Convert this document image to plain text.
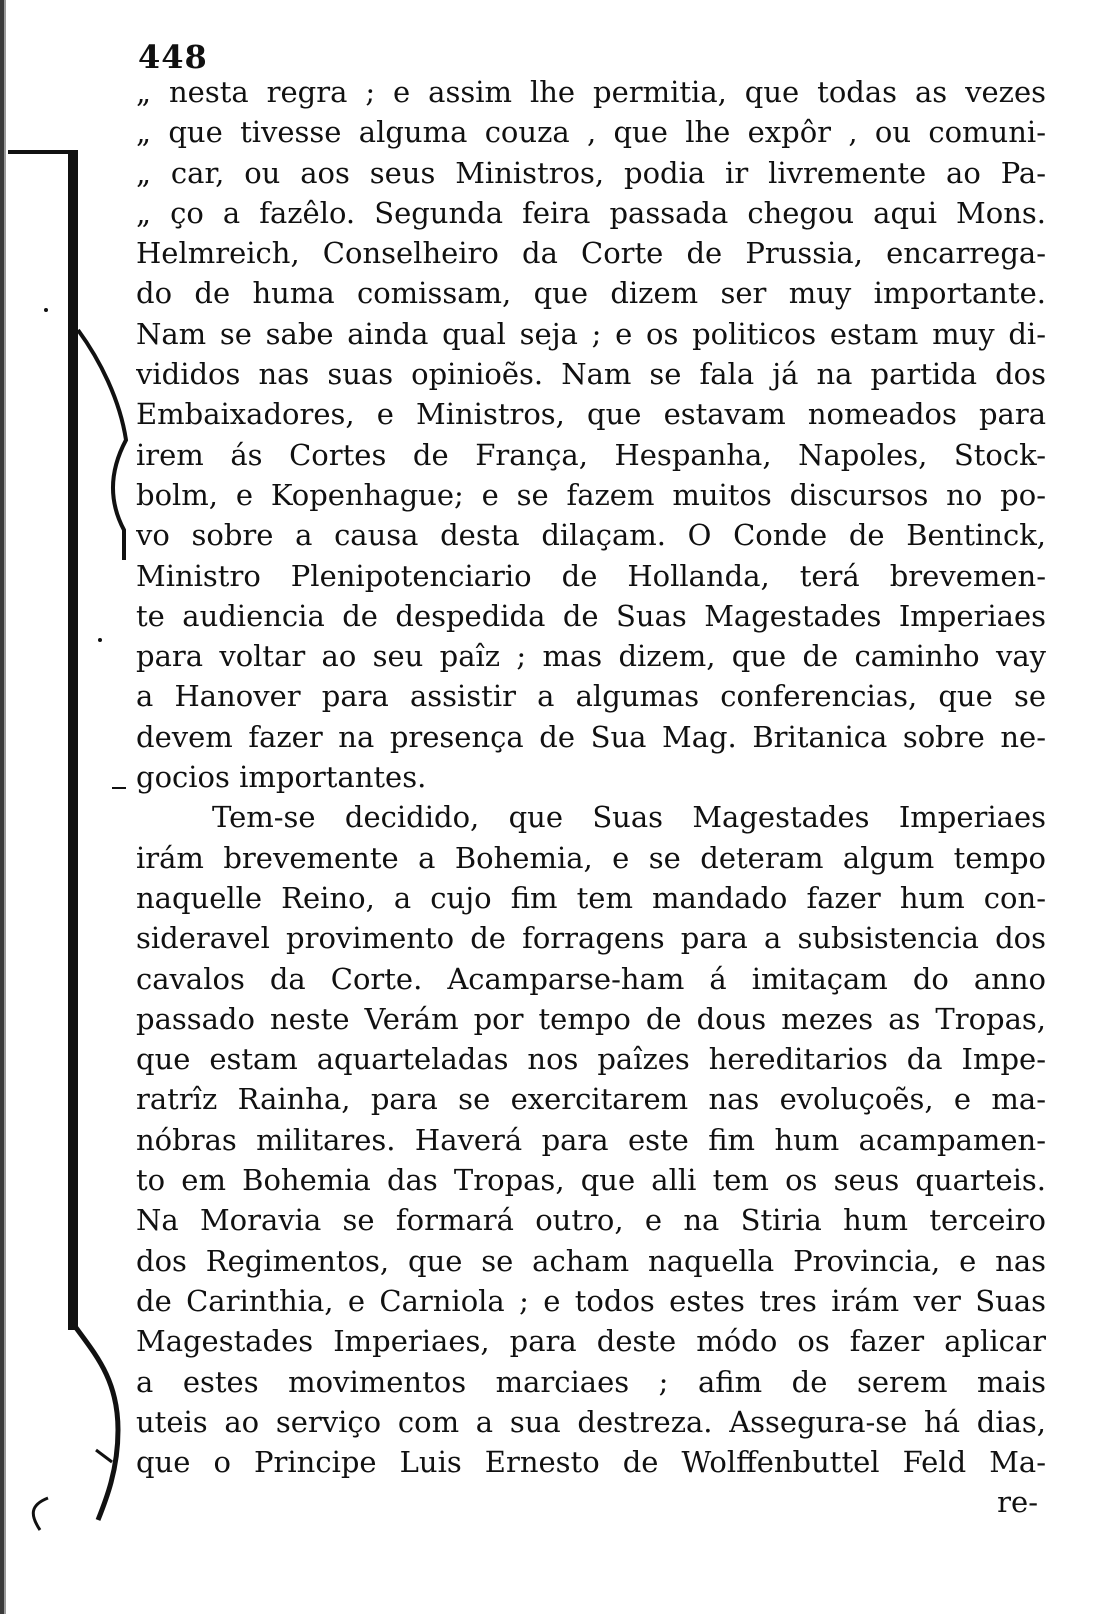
448
„ nesta regra ; e assim lhe permitia, que todas as vezes
„ que tivesse alguma couza , que lhe expôr , ou comuni-
„ car, ou aos seus Ministros, podia ir livremente ao Pa-
„ ço a fazêlo. Segunda feira passada chegou aqui Mons.
Helmreich, Conselheiro da Corte de Prussia, encarrega-
do de huma comissam, que dizem ser muy importante.
Nam se sabe ainda qual seja ; e os politicos estam muy di-
vididos nas suas opinioẽs. Nam se fala já na partida dos
Embaixadores, e Ministros, que estavam nomeados para
irem ás Cortes de França, Hespanha, Napoles, Stock-
bolm, e Kopenhague; e se fazem muitos discursos no po-
vo sobre a causa desta dilaçam. O Conde de Bentinck,
Ministro Plenipotenciario de Hollanda, terá brevemen-
te audiencia de despedida de Suas Magestades Imperiaes
para voltar ao seu paîz ; mas dizem, que de caminho vay
a Hanover para assistir a algumas conferencias, que se
devem fazer na presença de Sua Mag. Britanica sobre ne-
gocios importantes.
Tem-se decidido, que Suas Magestades Imperiaes
irám brevemente a Bohemia, e se deteram algum tempo
naquelle Reino, a cujo fim tem mandado fazer hum con-
sideravel provimento de forragens para a subsistencia dos
cavalos da Corte. Acamparse-ham á imitaçam do anno
passado neste Verám por tempo de dous mezes as Tropas,
que estam aquarteladas nos paîzes hereditarios da Impe-
ratrîz Rainha, para se exercitarem nas evoluçoẽs, e ma-
nóbras militares. Haverá para este fim hum acampamen-
to em Bohemia das Tropas, que alli tem os seus quarteis.
Na Moravia se formará outro, e na Stiria hum terceiro
dos Regimentos, que se acham naquella Provincia, e nas
de Carinthia, e Carniola ; e todos estes tres irám ver Suas
Magestades Imperiaes, para deste módo os fazer aplicar
a estes movimentos marciaes ; afim de serem mais
uteis ao serviço com a sua destreza. Assegura-se há dias,
que o Principe Luis Ernesto de Wolffenbuttel Feld Ma-
re-
